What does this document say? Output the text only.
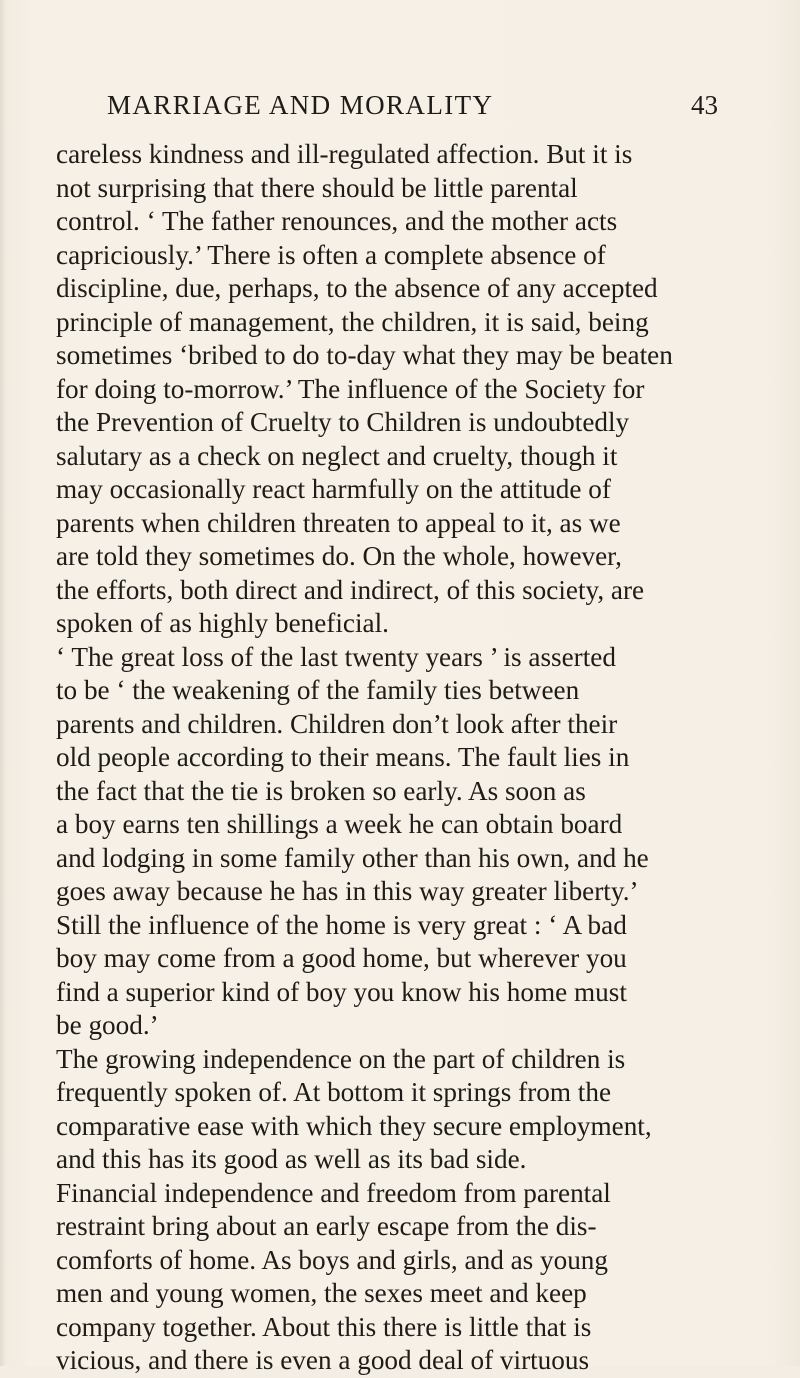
MARRIAGE AND MORALITY	43
careless kindness and ill-regulated affection. But it is
not surprising that there should be little parental
control. ‘ The father renounces, and the mother acts
capriciously.’ There is often a complete absence of
discipline, due, perhaps, to the absence of any accepted
principle of management, the children, it is said, being
sometimes ‘bribed to do to-day what they may be beaten
for doing to-morrow.’ The influence of the Society for
the Prevention of Cruelty to Children is undoubtedly
salutary as a check on neglect and cruelty, though it
may occasionally react harmfully on the attitude of
parents when children threaten to appeal to it, as we
are told they sometimes do. On the whole, however,
the efforts, both direct and indirect, of this society, are
spoken of as highly beneficial.
‘ The great loss of the last twenty years ’ is asserted
to be ‘ the weakening of the family ties between
parents and children. Children don’t look after their
old people according to their means. The fault lies in
the fact that the tie is broken so early. As soon as
a boy earns ten shillings a week he can obtain board
and lodging in some family other than his own, and he
goes away because he has in this way greater liberty.’
Still the influence of the home is very great : ‘ A bad
boy may come from a good home, but wherever you
find a superior kind of boy you know his home must
be good.’
The growing independence on the part of children is
frequently spoken of. At bottom it springs from the
comparative ease with which they secure employment,
and this has its good as well as its bad side.
Financial independence and freedom from parental
restraint bring about an early escape from the dis-
comforts of home. As boys and girls, and as young
men and young women, the sexes meet and keep
company together. About this there is little that is
vicious, and there is even a good deal of virtuous
